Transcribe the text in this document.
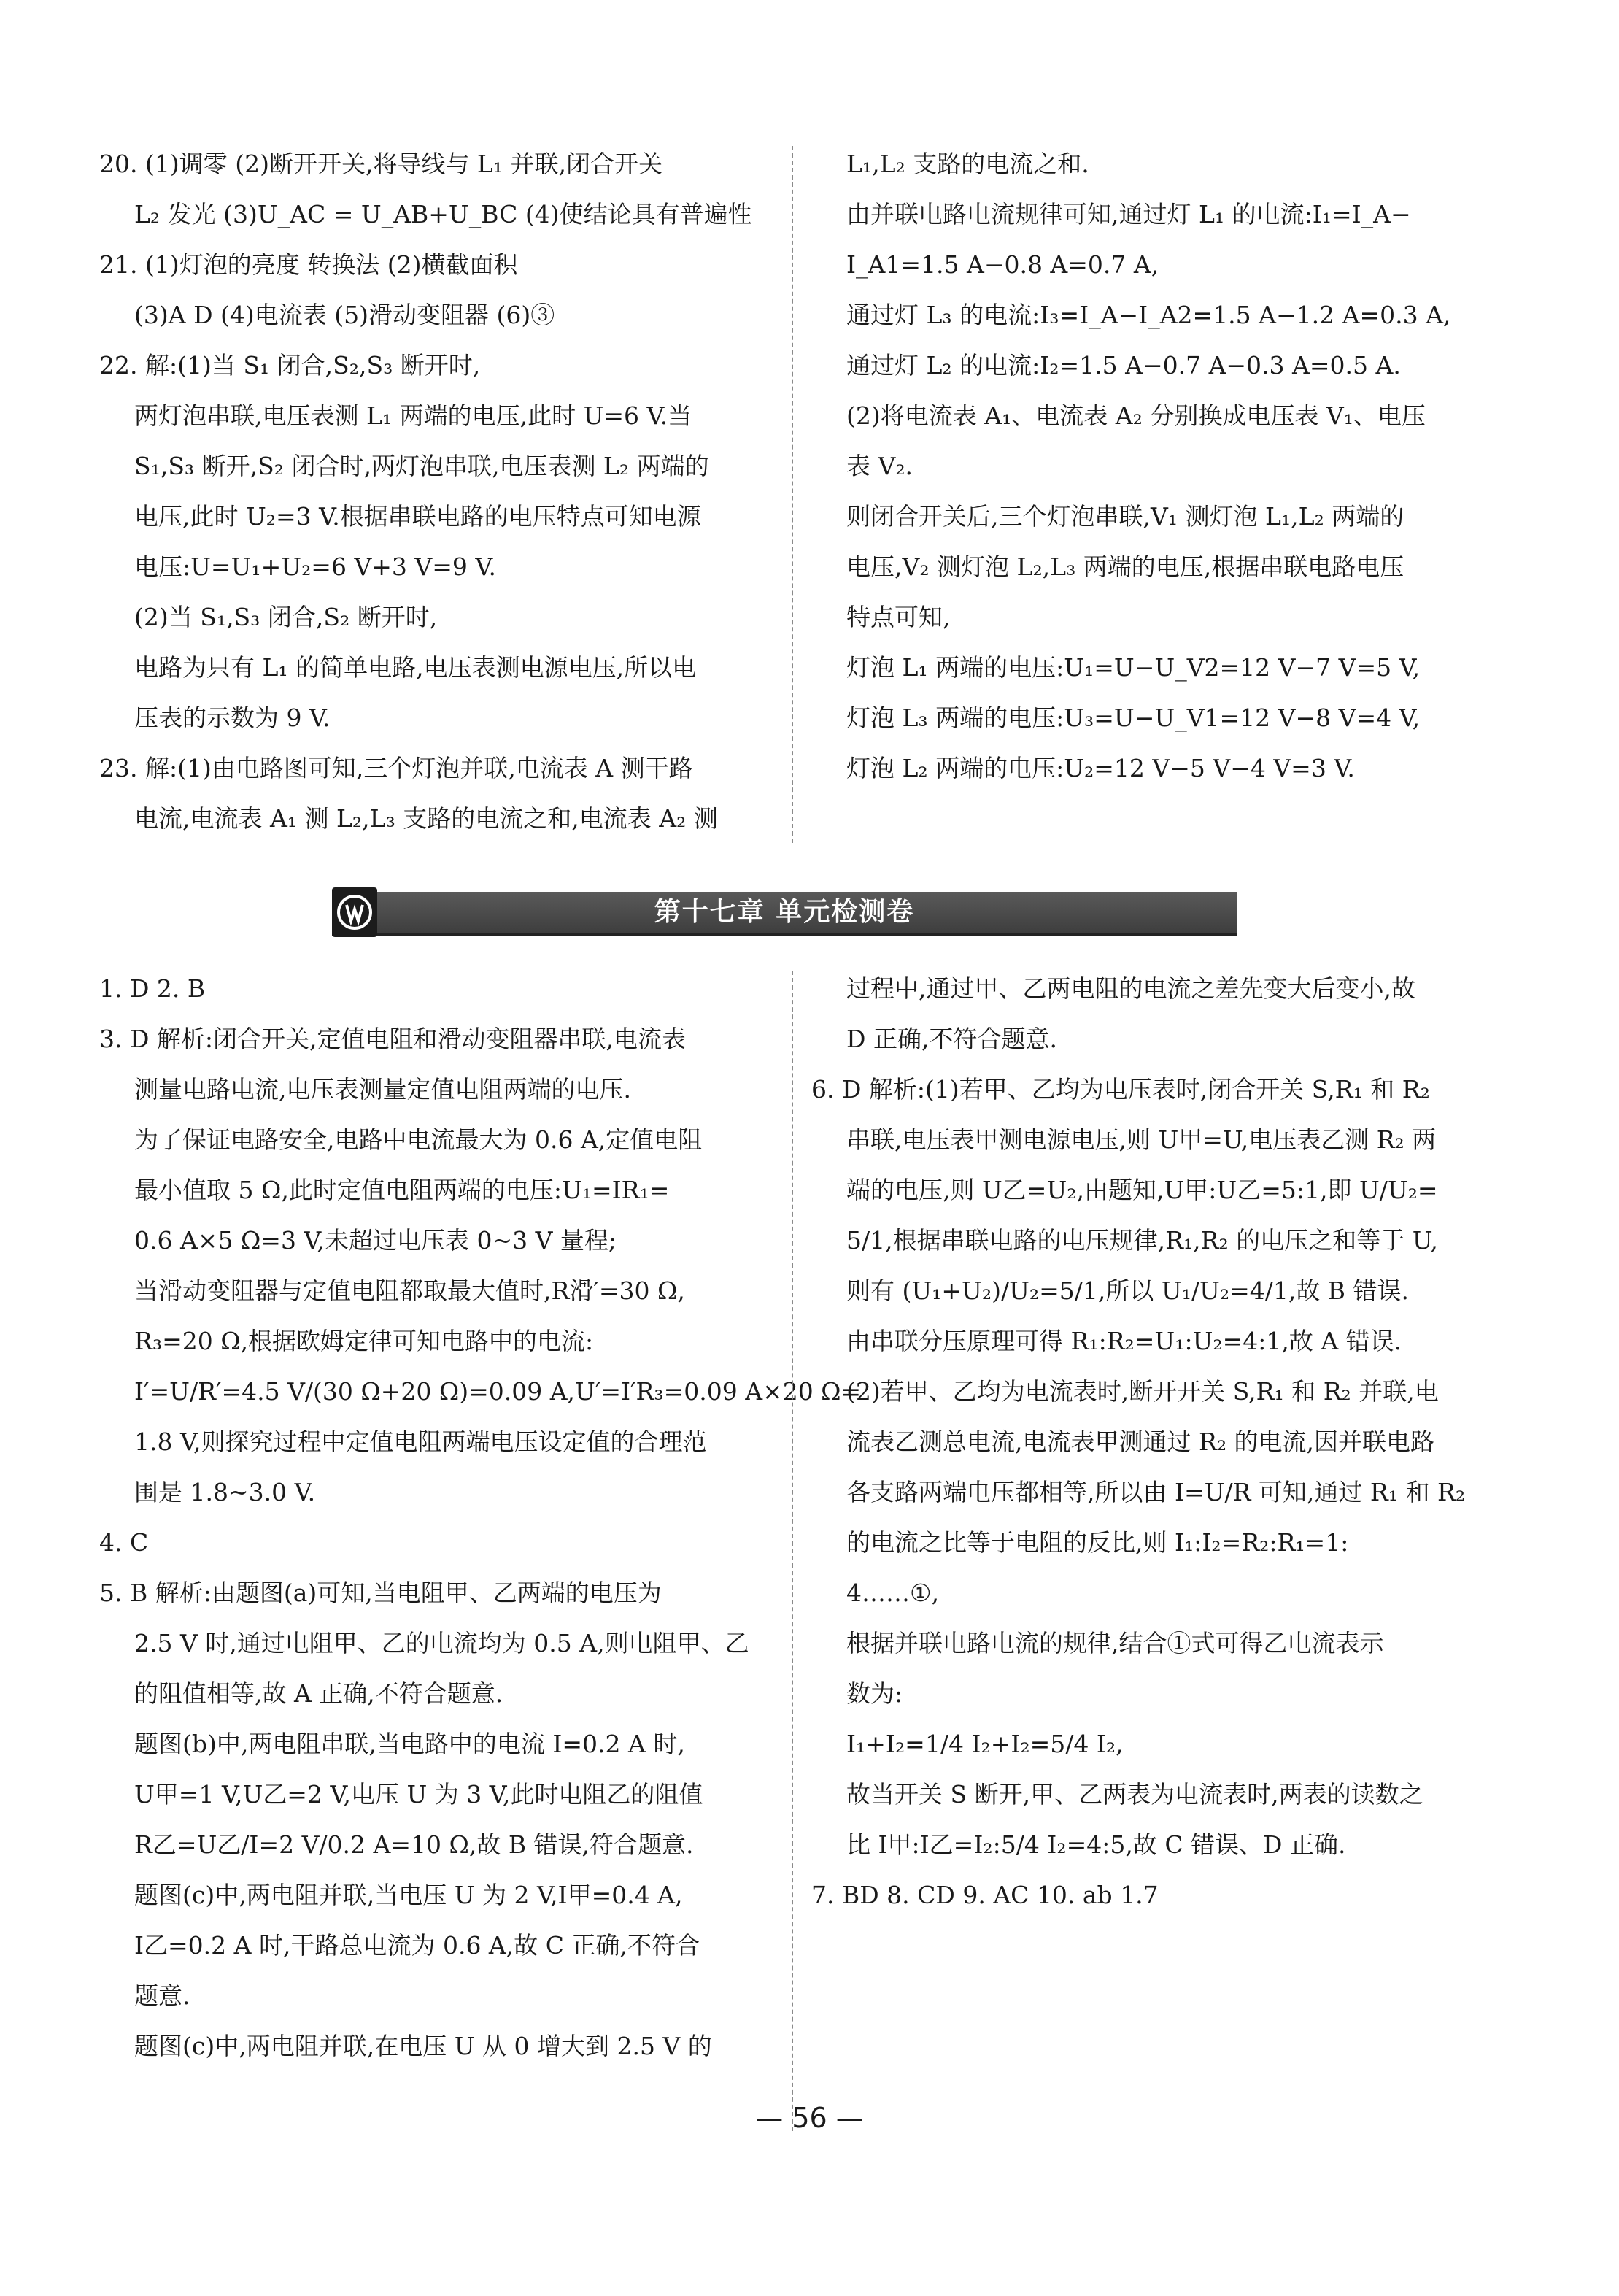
20. (1)调零 (2)断开开关,将导线与 L₁ 并联,闭合开关

L₂ 发光 (3)U_AC = U_AB+U_BC (4)使结论具有普遍性

21. (1)灯泡的亮度 转换法 (2)横截面积

(3)A D (4)电流表 (5)滑动变阻器 (6)③

22. 解:(1)当 S₁ 闭合,S₂,S₃ 断开时,

两灯泡串联,电压表测 L₁ 两端的电压,此时 U=6 V.当

S₁,S₃ 断开,S₂ 闭合时,两灯泡串联,电压表测 L₂ 两端的

电压,此时 U₂=3 V.根据串联电路的电压特点可知电源

电压:U=U₁+U₂=6 V+3 V=9 V.

(2)当 S₁,S₃ 闭合,S₂ 断开时,

电路为只有 L₁ 的简单电路,电压表测电源电压,所以电

压表的示数为 9 V.

23. 解:(1)由电路图可知,三个灯泡并联,电流表 A 测干路

电流,电流表 A₁ 测 L₂,L₃ 支路的电流之和,电流表 A₂ 测

L₁,L₂ 支路的电流之和.

由并联电路电流规律可知,通过灯 L₁ 的电流:I₁=I_A−

I_A1=1.5 A−0.8 A=0.7 A,

通过灯 L₃ 的电流:I₃=I_A−I_A2=1.5 A−1.2 A=0.3 A,

通过灯 L₂ 的电流:I₂=1.5 A−0.7 A−0.3 A=0.5 A.

(2)将电流表 A₁、电流表 A₂ 分别换成电压表 V₁、电压

表 V₂.

则闭合开关后,三个灯泡串联,V₁ 测灯泡 L₁,L₂ 两端的

电压,V₂ 测灯泡 L₂,L₃ 两端的电压,根据串联电路电压

特点可知,

灯泡 L₁ 两端的电压:U₁=U−U_V2=12 V−7 V=5 V,

灯泡 L₃ 两端的电压:U₃=U−U_V1=12 V−8 V=4 V,

灯泡 L₂ 两端的电压:U₂=12 V−5 V−4 V=3 V.

第十七章 单元检测卷

1. D 2. B

3. D 解析:闭合开关,定值电阻和滑动变阻器串联,电流表

测量电路电流,电压表测量定值电阻两端的电压.

为了保证电路安全,电路中电流最大为 0.6 A,定值电阻

最小值取 5 Ω,此时定值电阻两端的电压:U₁=IR₁=

0.6 A×5 Ω=3 V,未超过电压表 0~3 V 量程;

当滑动变阻器与定值电阻都取最大值时,R滑′=30 Ω,

R₃=20 Ω,根据欧姆定律可知电路中的电流:

I′=U/R′=4.5 V/(30 Ω+20 Ω)=0.09 A,U′=I′R₃=0.09 A×20 Ω=

1.8 V,则探究过程中定值电阻两端电压设定值的合理范

围是 1.8~3.0 V.

4. C

5. B 解析:由题图(a)可知,当电阻甲、乙两端的电压为

2.5 V 时,通过电阻甲、乙的电流均为 0.5 A,则电阻甲、乙

的阻值相等,故 A 正确,不符合题意.

题图(b)中,两电阻串联,当电路中的电流 I=0.2 A 时,

U甲=1 V,U乙=2 V,电压 U 为 3 V,此时电阻乙的阻值

R乙=U乙/I=2 V/0.2 A=10 Ω,故 B 错误,符合题意.

题图(c)中,两电阻并联,当电压 U 为 2 V,I甲=0.4 A,

I乙=0.2 A 时,干路总电流为 0.6 A,故 C 正确,不符合

题意.

题图(c)中,两电阻并联,在电压 U 从 0 增大到 2.5 V 的

过程中,通过甲、乙两电阻的电流之差先变大后变小,故

D 正确,不符合题意.

6. D 解析:(1)若甲、乙均为电压表时,闭合开关 S,R₁ 和 R₂

串联,电压表甲测电源电压,则 U甲=U,电压表乙测 R₂ 两

端的电压,则 U乙=U₂,由题知,U甲:U乙=5:1,即 U/U₂=

5/1,根据串联电路的电压规律,R₁,R₂ 的电压之和等于 U,

则有 (U₁+U₂)/U₂=5/1,所以 U₁/U₂=4/1,故 B 错误.

由串联分压原理可得 R₁:R₂=U₁:U₂=4:1,故 A 错误.

(2)若甲、乙均为电流表时,断开开关 S,R₁ 和 R₂ 并联,电

流表乙测总电流,电流表甲测通过 R₂ 的电流,因并联电路

各支路两端电压都相等,所以由 I=U/R 可知,通过 R₁ 和 R₂

的电流之比等于电阻的反比,则 I₁:I₂=R₂:R₁=1:

4……①,

根据并联电路电流的规律,结合①式可得乙电流表示

数为:

I₁+I₂=1/4 I₂+I₂=5/4 I₂,

故当开关 S 断开,甲、乙两表为电流表时,两表的读数之

比 I甲:I乙=I₂:5/4 I₂=4:5,故 C 错误、D 正确.

7. BD 8. CD 9. AC 10. ab 1.7

— 56 —
